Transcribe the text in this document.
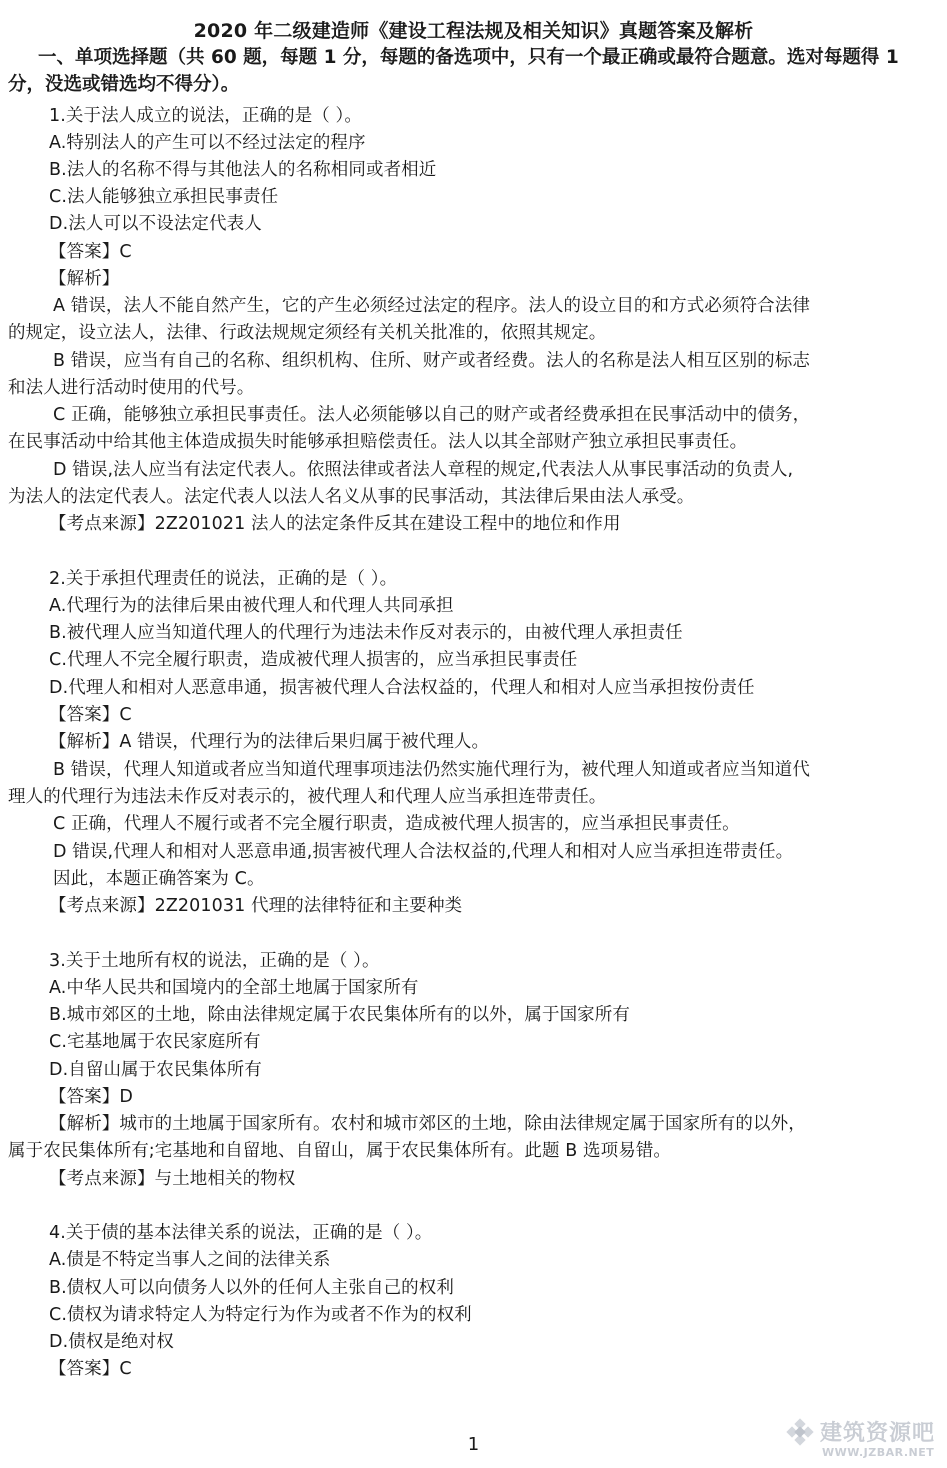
2020 年二级建造师《建设工程法规及相关知识》真题答案及解析
一、单项选择题（共 60 题，每题 1 分，每题的备选项中，只有一个最正确或最符合题意。选对每题得 1 分，没选或错选均不得分）。
1.关于法人成立的说法，正确的是（ ）。
A.特别法人的产生可以不经过法定的程序
B.法人的名称不得与其他法人的名称相同或者相近
C.法人能够独立承担民事责任
D.法人可以不设法定代表人
【答案】C
【解析】
A 错误，法人不能自然产生，它的产生必须经过法定的程序。法人的设立目的和方式必须符合法律
的规定，设立法人，法律、行政法规规定须经有关机关批准的，依照其规定。
B 错误，应当有自己的名称、组织机构、住所、财产或者经费。法人的名称是法人相互区别的标志
和法人进行活动时使用的代号。
C 正确，能够独立承担民事责任。法人必须能够以自己的财产或者经费承担在民事活动中的债务，
在民事活动中给其他主体造成损失时能够承担赔偿责任。法人以其全部财产独立承担民事责任。
D 错误,法人应当有法定代表人。依照法律或者法人章程的规定,代表法人从事民事活动的负责人,
为法人的法定代表人。法定代表人以法人名义从事的民事活动，其法律后果由法人承受。
【考点来源】2Z201021 法人的法定条件反其在建设工程中的地位和作用
2.关于承担代理责任的说法，正确的是（ ）。
A.代理行为的法律后果由被代理人和代理人共同承担
B.被代理人应当知道代理人的代理行为违法未作反对表示的，由被代理人承担责任
C.代理人不完全履行职责，造成被代理人损害的，应当承担民事责任
D.代理人和相对人恶意串通，损害被代理人合法权益的，代理人和相对人应当承担按份责任
【答案】C
【解析】A 错误，代理行为的法律后果归属于被代理人。
B 错误，代理人知道或者应当知道代理事项违法仍然实施代理行为，被代理人知道或者应当知道代
理人的代理行为违法未作反对表示的，被代理人和代理人应当承担连带责任。
C 正确，代理人不履行或者不完全履行职责，造成被代理人损害的，应当承担民事责任。
D 错误,代理人和相对人恶意串通,损害被代理人合法权益的,代理人和相对人应当承担连带责任。
因此，本题正确答案为 C。
【考点来源】2Z201031 代理的法律特征和主要种类
3.关于土地所有权的说法，正确的是（ ）。
A.中华人民共和国境内的全部土地属于国家所有
B.城市郊区的土地，除由法律规定属于农民集体所有的以外，属于国家所有
C.宅基地属于农民家庭所有
D.自留山属于农民集体所有
【答案】D
【解析】城市的土地属于国家所有。农村和城市郊区的土地，除由法律规定属于国家所有的以外，
属于农民集体所有;宅基地和自留地、自留山，属于农民集体所有。此题 B 选项易错。
【考点来源】与土地相关的物权
4.关于债的基本法律关系的说法，正确的是（ ）。
A.债是不特定当事人之间的法律关系
B.债权人可以向债务人以外的任何人主张自己的权利
C.债权为请求特定人为特定行为作为或者不作为的权利
D.债权是绝对权
【答案】C
1	建筑资源吧
WWW.JZBAR.NET
